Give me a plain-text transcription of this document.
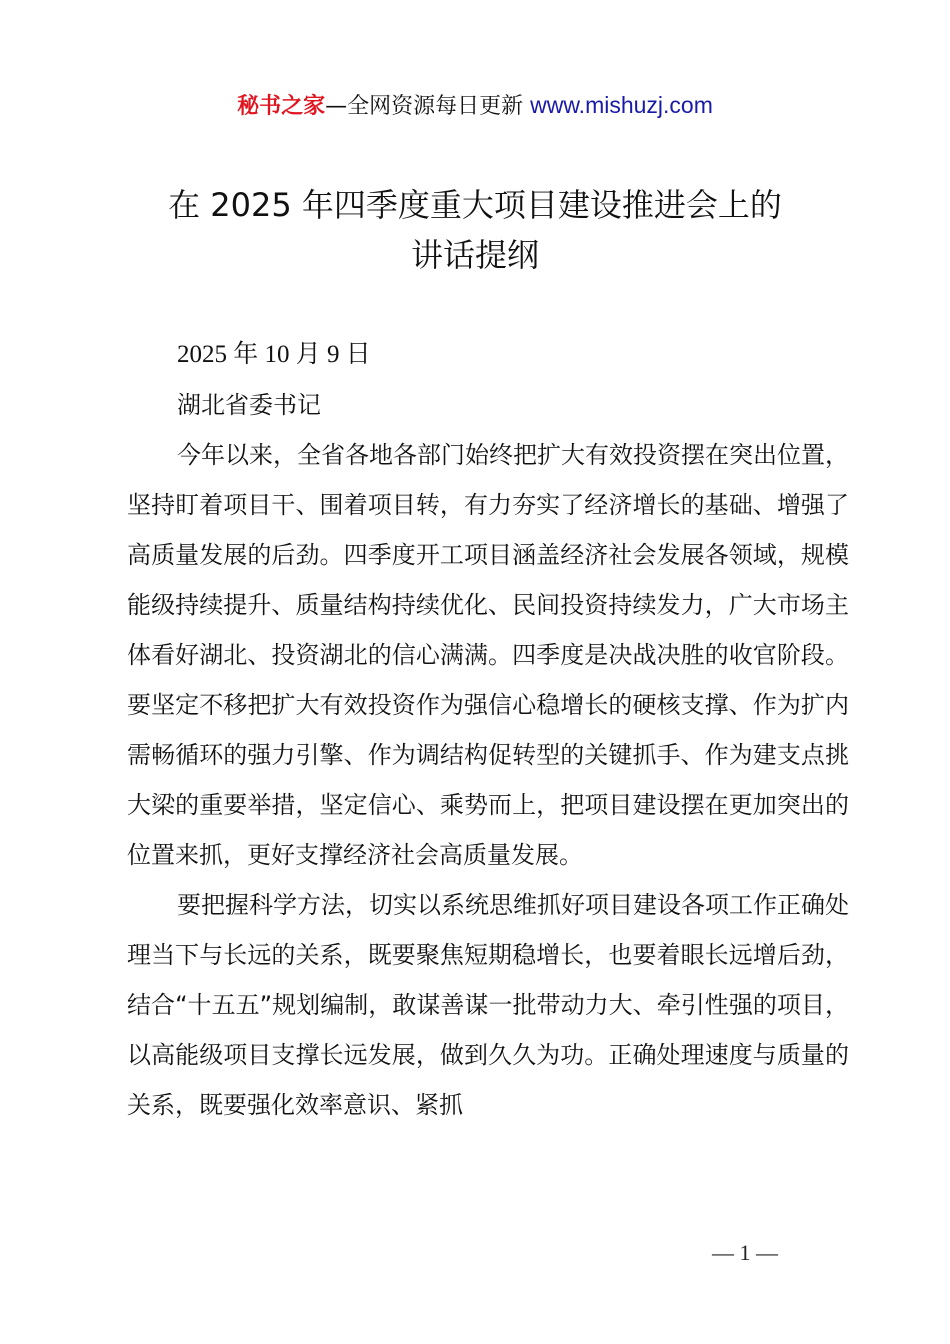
秘书之家—全网资源每日更新 www.mishuzj.com
在 2025 年四季度重大项目建设推进会上的
讲话提纲
2025 年 10 月 9 日
湖北省委书记

今年以来，全省各地各部门始终把扩大有效投资摆在突出位置，坚持盯着项目干、围着项目转，有力夯实了经济增长的基础、增强了高质量发展的后劲。四季度开工项目涵盖经济社会发展各领域，规模能级持续提升、质量结构持续优化、民间投资持续发力，广大市场主体看好湖北、投资湖北的信心满满。四季度是决战决胜的收官阶段。要坚定不移把扩大有效投资作为强信心稳增长的硬核支撑、作为扩内需畅循环的强力引擎、作为调结构促转型的关键抓手、作为建支点挑大梁的重要举措，坚定信心、乘势而上，把项目建设摆在更加突出的位置来抓，更好支撑经济社会高质量发展。

要把握科学方法，切实以系统思维抓好项目建设各项工作正确处理当下与长远的关系，既要聚焦短期稳增长，也要着眼长远增后劲，结合“十五五”规划编制，敢谋善谋一批带动力大、牵引性强的项目，以高能级项目支撑长远发展，做到久久为功。正确处理速度与质量的关系，既要强化效率意识、紧抓

— 1 —
